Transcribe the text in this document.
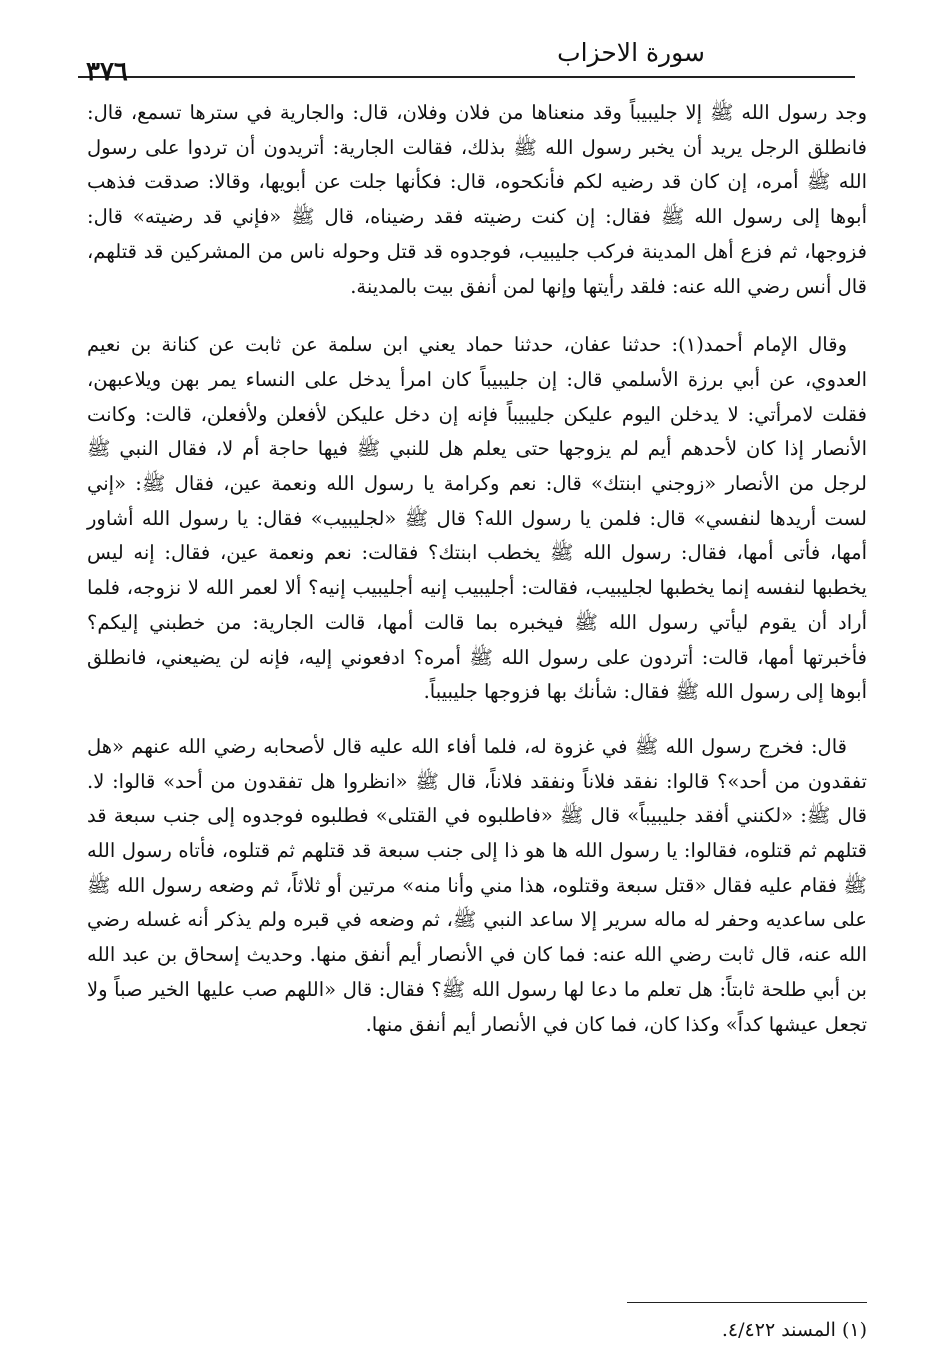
سورة الاحزاب
٣٧٦

وجد رسول الله ﷺ إلا جليبيباً وقد منعناها من فلان وفلان، قال: والجارية في سترها تسمع، قال: فانطلق الرجل يريد أن يخبر رسول الله ﷺ بذلك، فقالت الجارية: أتريدون أن تردوا على رسول الله ﷺ أمره، إن كان قد رضيه لكم فأنكحوه، قال: فكأنها جلت عن أبويها، وقالا: صدقت فذهب أبوها إلى رسول الله ﷺ فقال: إن كنت رضيته فقد رضيناه، قال ﷺ «فإني قد رضيته» قال: فزوجها، ثم فزع أهل المدينة فركب جليبيب، فوجدوه قد قتل وحوله ناس من المشركين قد قتلهم، قال أنس رضي الله عنه: فلقد رأيتها وإنها لمن أنفق بيت بالمدينة.

وقال الإمام أحمد(١): حدثنا عفان، حدثنا حماد يعني ابن سلمة عن ثابت عن كنانة بن نعيم العدوي، عن أبي برزة الأسلمي قال: إن جليبيباً كان امرأ يدخل على النساء يمر بهن ويلاعبهن، فقلت لامرأتي: لا يدخلن اليوم عليكن جليبيباً فإنه إن دخل عليكن لأفعلن ولأفعلن، قالت: وكانت الأنصار إذا كان لأحدهم أيم لم يزوجها حتى يعلم هل للنبي ﷺ فيها حاجة أم لا، فقال النبي ﷺ لرجل من الأنصار «زوجني ابنتك» قال: نعم وكرامة يا رسول الله ونعمة عين، فقال ﷺ: «إني لست أريدها لنفسي» قال: فلمن يا رسول الله؟ قال ﷺ «لجليبيب» فقال: يا رسول الله أشاور أمها، فأتى أمها، فقال: رسول الله ﷺ يخطب ابنتك؟ فقالت: نعم ونعمة عين، فقال: إنه ليس يخطبها لنفسه إنما يخطبها لجليبيب، فقالت: أجليبيب إنيه أجليبيب إنيه؟ ألا لعمر الله لا نزوجه، فلما أراد أن يقوم ليأتي رسول الله ﷺ فيخبره بما قالت أمها، قالت الجارية: من خطبني إليكم؟ فأخبرتها أمها، قالت: أتردون على رسول الله ﷺ أمره؟ ادفعوني إليه، فإنه لن يضيعني، فانطلق أبوها إلى رسول الله ﷺ فقال: شأنك بها فزوجها جليبيباً.

قال: فخرج رسول الله ﷺ في غزوة له، فلما أفاء الله عليه قال لأصحابه رضي الله عنهم «هل تفقدون من أحد»؟ قالوا: نفقد فلاناً ونفقد فلاناً، قال ﷺ «انظروا هل تفقدون من أحد» قالوا: لا. قال ﷺ: «لكنني أفقد جليبيباً» قال ﷺ «فاطلبوه في القتلى» فطلبوه فوجدوه إلى جنب سبعة قد قتلهم ثم قتلوه، فقالوا: يا رسول الله ها هو ذا إلى جنب سبعة قد قتلهم ثم قتلوه، فأتاه رسول الله ﷺ فقام عليه فقال «قتل سبعة وقتلوه، هذا مني وأنا منه» مرتين أو ثلاثاً، ثم وضعه رسول الله ﷺ على ساعديه وحفر له ماله سرير إلا ساعد النبي ﷺ، ثم وضعه في قبره ولم يذكر أنه غسله رضي الله عنه، قال ثابت رضي الله عنه: فما كان في الأنصار أيم أنفق منها. وحديث إسحاق بن عبد الله بن أبي طلحة ثابتاً: هل تعلم ما دعا لها رسول الله ﷺ؟ فقال: قال «اللهم صب عليها الخير صباً ولا تجعل عيشها كداً» وكذا كان، فما كان في الأنصار أيم أنفق منها.

(١) المسند ٤/٤٢٢.
